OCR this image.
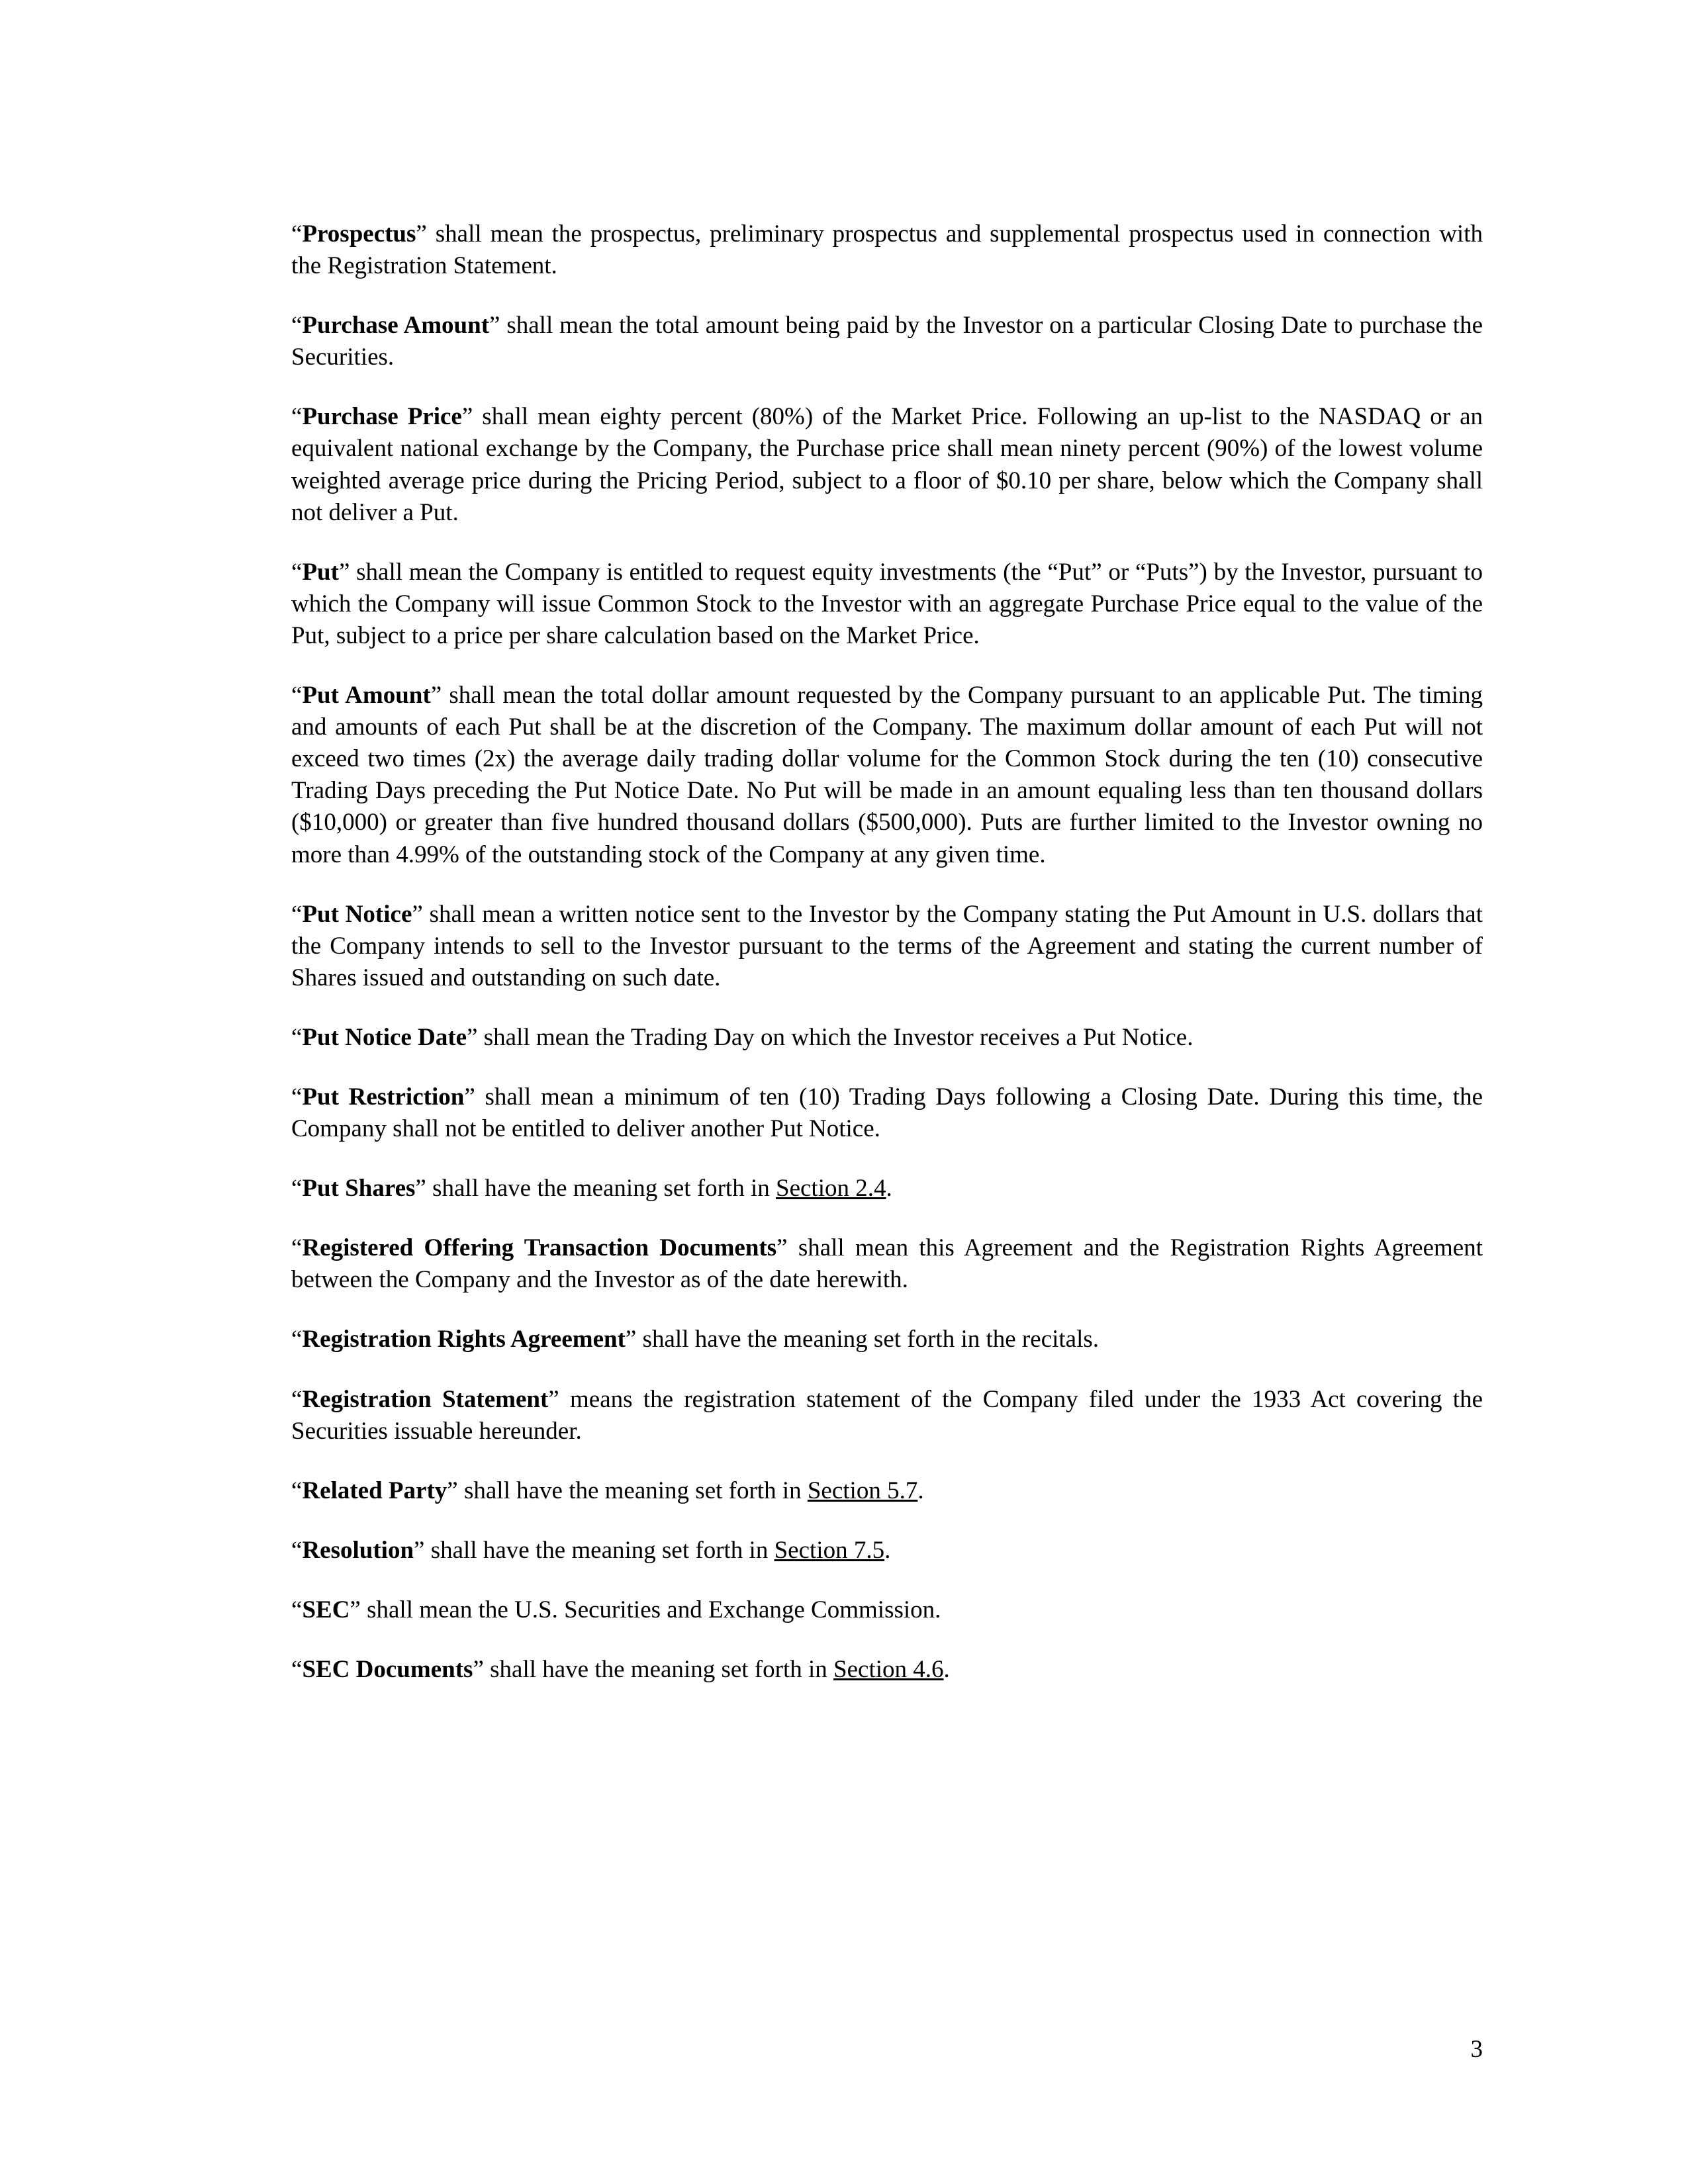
“Prospectus” shall mean the prospectus, preliminary prospectus and supplemental prospectus used in connection with the Registration Statement.

“Purchase Amount” shall mean the total amount being paid by the Investor on a particular Closing Date to purchase the Securities.

“Purchase Price” shall mean eighty percent (80%) of the Market Price. Following an up-list to the NASDAQ or an equivalent national exchange by the Company, the Purchase price shall mean ninety percent (90%) of the lowest volume weighted average price during the Pricing Period, subject to a floor of $0.10 per share, below which the Company shall not deliver a Put.

“Put” shall mean the Company is entitled to request equity investments (the “Put” or “Puts”) by the Investor, pursuant to which the Company will issue Common Stock to the Investor with an aggregate Purchase Price equal to the value of the Put, subject to a price per share calculation based on the Market Price.

“Put Amount” shall mean the total dollar amount requested by the Company pursuant to an applicable Put. The timing and amounts of each Put shall be at the discretion of the Company. The maximum dollar amount of each Put will not exceed two times (2x) the average daily trading dollar volume for the Common Stock during the ten (10) consecutive Trading Days preceding the Put Notice Date. No Put will be made in an amount equaling less than ten thousand dollars ($10,000) or greater than five hundred thousand dollars ($500,000). Puts are further limited to the Investor owning no more than 4.99% of the outstanding stock of the Company at any given time.

“Put Notice” shall mean a written notice sent to the Investor by the Company stating the Put Amount in U.S. dollars that the Company intends to sell to the Investor pursuant to the terms of the Agreement and stating the current number of Shares issued and outstanding on such date.

“Put Notice Date” shall mean the Trading Day on which the Investor receives a Put Notice.

“Put Restriction” shall mean a minimum of ten (10) Trading Days following a Closing Date. During this time, the Company shall not be entitled to deliver another Put Notice.

“Put Shares” shall have the meaning set forth in Section 2.4.

“Registered Offering Transaction Documents” shall mean this Agreement and the Registration Rights Agreement between the Company and the Investor as of the date herewith.

“Registration Rights Agreement” shall have the meaning set forth in the recitals.

“Registration Statement” means the registration statement of the Company filed under the 1933 Act covering the Securities issuable hereunder.

“Related Party” shall have the meaning set forth in Section 5.7.

“Resolution” shall have the meaning set forth in Section 7.5.

“SEC” shall mean the U.S. Securities and Exchange Commission.

“SEC Documents” shall have the meaning set forth in Section 4.6.

3
